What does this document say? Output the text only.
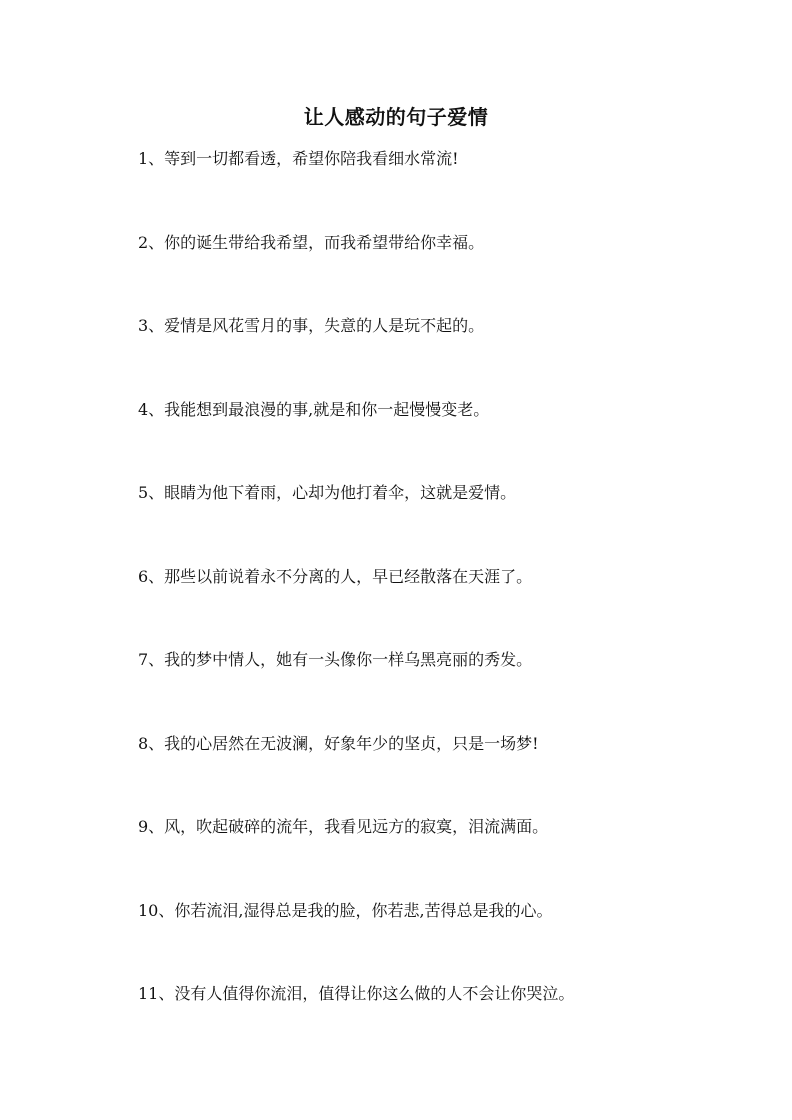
让人感动的句子爱情
1、等到一切都看透，希望你陪我看细水常流!
2、你的诞生带给我希望，而我希望带给你幸福。
3、爱情是风花雪月的事，失意的人是玩不起的。
4、我能想到最浪漫的事,就是和你一起慢慢变老。
5、眼睛为他下着雨，心却为他打着伞，这就是爱情。
6、那些以前说着永不分离的人，早已经散落在天涯了。
7、我的梦中情人，她有一头像你一样乌黑亮丽的秀发。
8、我的心居然在无波澜，好象年少的坚贞，只是一场梦!
9、风，吹起破碎的流年，我看见远方的寂寞，泪流满面。
10、你若流泪,湿得总是我的脸，你若悲,苦得总是我的心。
11、没有人值得你流泪，值得让你这么做的人不会让你哭泣。
